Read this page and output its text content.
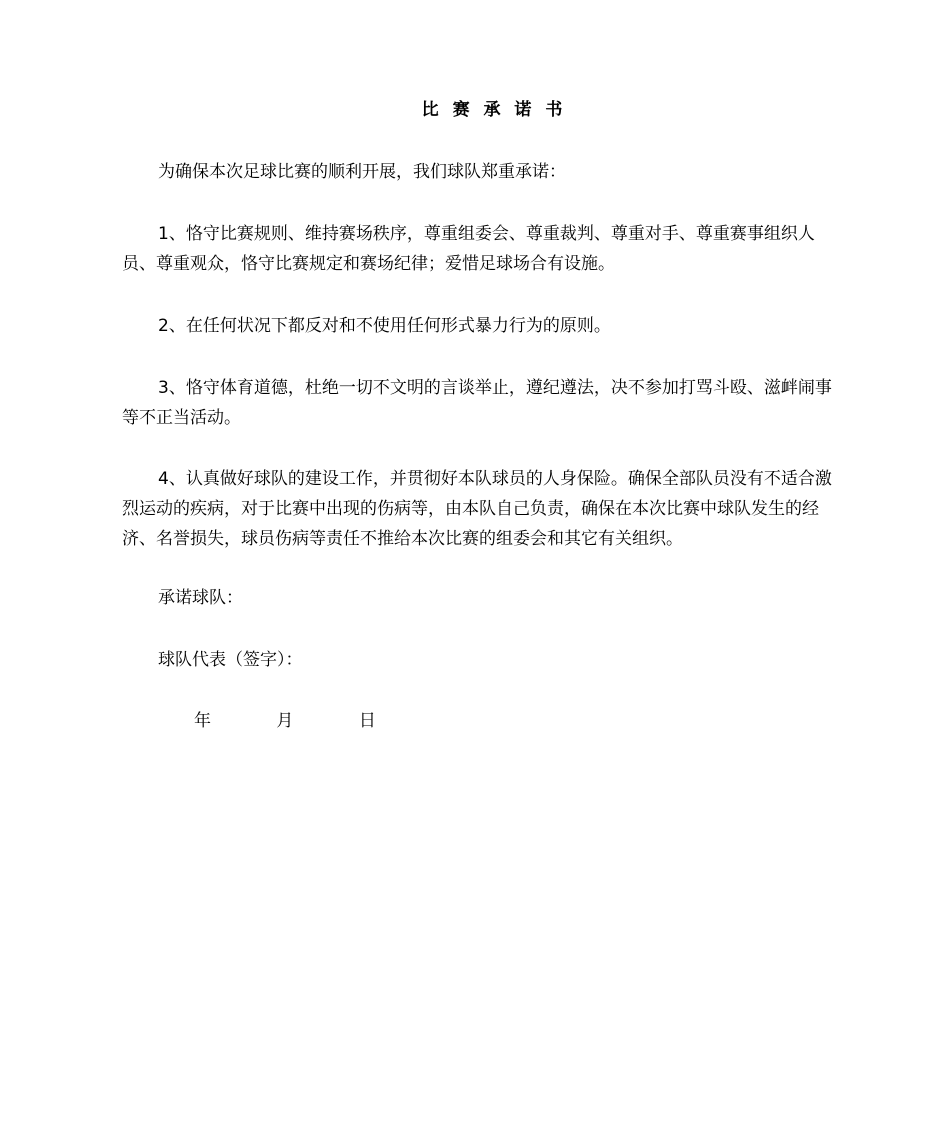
比 赛 承 诺 书
为确保本次足球比赛的顺利开展，我们球队郑重承诺：
1、恪守比赛规则、维持赛场秩序，尊重组委会、尊重裁判、尊重对手、尊重赛事组织人员、尊重观众，恪守比赛规定和赛场纪律；爱惜足球场合有设施。
2、在任何状况下都反对和不使用任何形式暴力行为的原则。
3、恪守体育道德，杜绝一切不文明的言谈举止，遵纪遵法，决不参加打骂斗殴、滋衅闹事等不正当活动。
4、认真做好球队的建设工作，并贯彻好本队球员的人身保险。确保全部队员没有不适合激烈运动的疾病，对于比赛中出现的伤病等，由本队自己负责，确保在本次比赛中球队发生的经济、名誉损失，球员伤病等责任不推给本次比赛的组委会和其它有关组织。
承诺球队：
球队代表（签字）：
年	月	日
